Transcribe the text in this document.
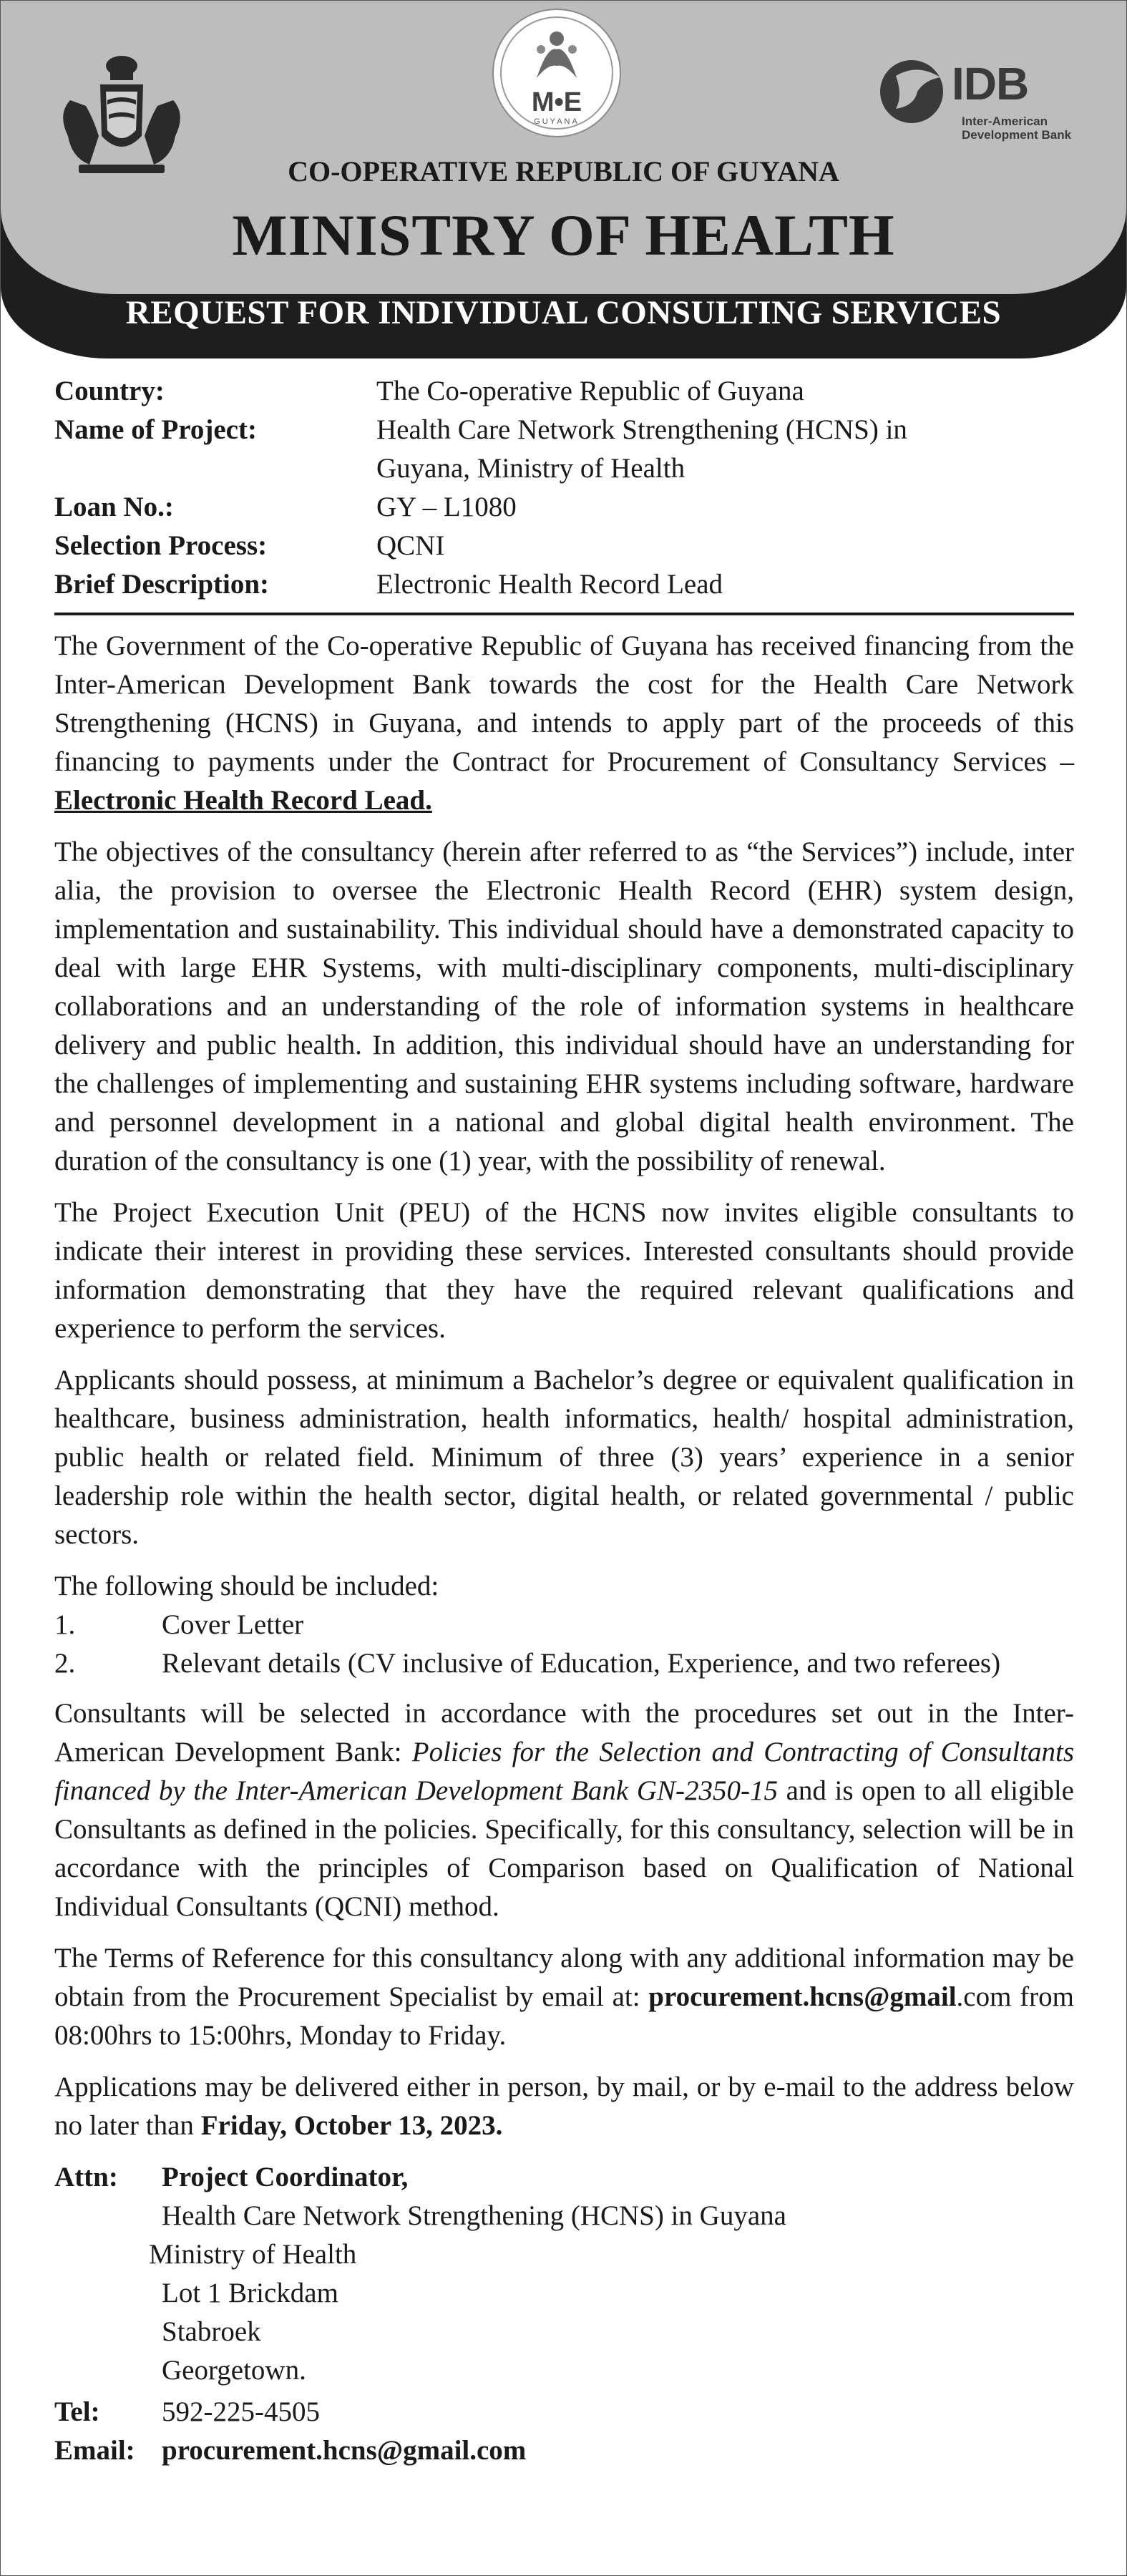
M•E
GUYANA
IDB
Inter-American
Development Bank
CO-OPERATIVE REPUBLIC OF GUYANA
MINISTRY OF HEALTH
REQUEST FOR INDIVIDUAL CONSULTING SERVICES
Country:	The Co-operative Republic of Guyana
Name of Project:	Health Care Network Strengthening (HCNS) in
Guyana, Ministry of Health
Loan No.:	GY – L1080
Selection Process:	QCNI
Brief Description:	Electronic Health Record Lead

The Government of the Co-operative Republic of Guyana has received financing from the Inter-American Development Bank towards the cost for the Health Care Network Strengthening (HCNS) in Guyana, and intends to apply part of the proceeds of this financing to payments under the Contract for Procurement of Consultancy Services – Electronic Health Record Lead.

The objectives of the consultancy (herein after referred to as “the Services”) include, inter alia, the provision to oversee the Electronic Health Record (EHR) system design, implementation and sustainability. This individual should have a demonstrated capacity to deal with large EHR Systems, with multi-disciplinary components, multi-disciplinary collaborations and an understanding of the role of information systems in healthcare delivery and public health. In addition, this individual should have an understanding for the challenges of implementing and sustaining EHR systems including software, hardware and personnel development in a national and global digital health environment. The duration of the consultancy is one (1) year, with the possibility of renewal.

The Project Execution Unit (PEU) of the HCNS now invites eligible consultants to indicate their interest in providing these services. Interested consultants should provide information demonstrating that they have the required relevant qualifications and experience to perform the services.

Applicants should possess, at minimum a Bachelor’s degree or equivalent qualification in healthcare, business administration, health informatics, health/ hospital administration, public health or related field. Minimum of three (3) years’ experience in a senior leadership role within the health sector, digital health, or related governmental / public sectors.

The following should be included:
1.	Cover Letter
2.	Relevant details (CV inclusive of Education, Experience, and two referees)

Consultants will be selected in accordance with the procedures set out in the Inter-American Development Bank: Policies for the Selection and Contracting of Consultants financed by the Inter-American Development Bank GN-2350-15 and is open to all eligible Consultants as defined in the policies. Specifically, for this consultancy, selection will be in accordance with the principles of Comparison based on Qualification of National Individual Consultants (QCNI) method.

The Terms of Reference for this consultancy along with any additional information may be obtain from the Procurement Specialist by email at: procurement.hcns@gmail.com from 08:00hrs to 15:00hrs, Monday to Friday.

Applications may be delivered either in person, by mail, or by e-mail to the address below no later than Friday, October 13, 2023.

Attn:	Project Coordinator,
Health Care Network Strengthening (HCNS) in Guyana
Ministry of Health
Lot 1 Brickdam
Stabroek
Georgetown.
Tel:	592-225-4505
Email: procurement.hcns@gmail.com
